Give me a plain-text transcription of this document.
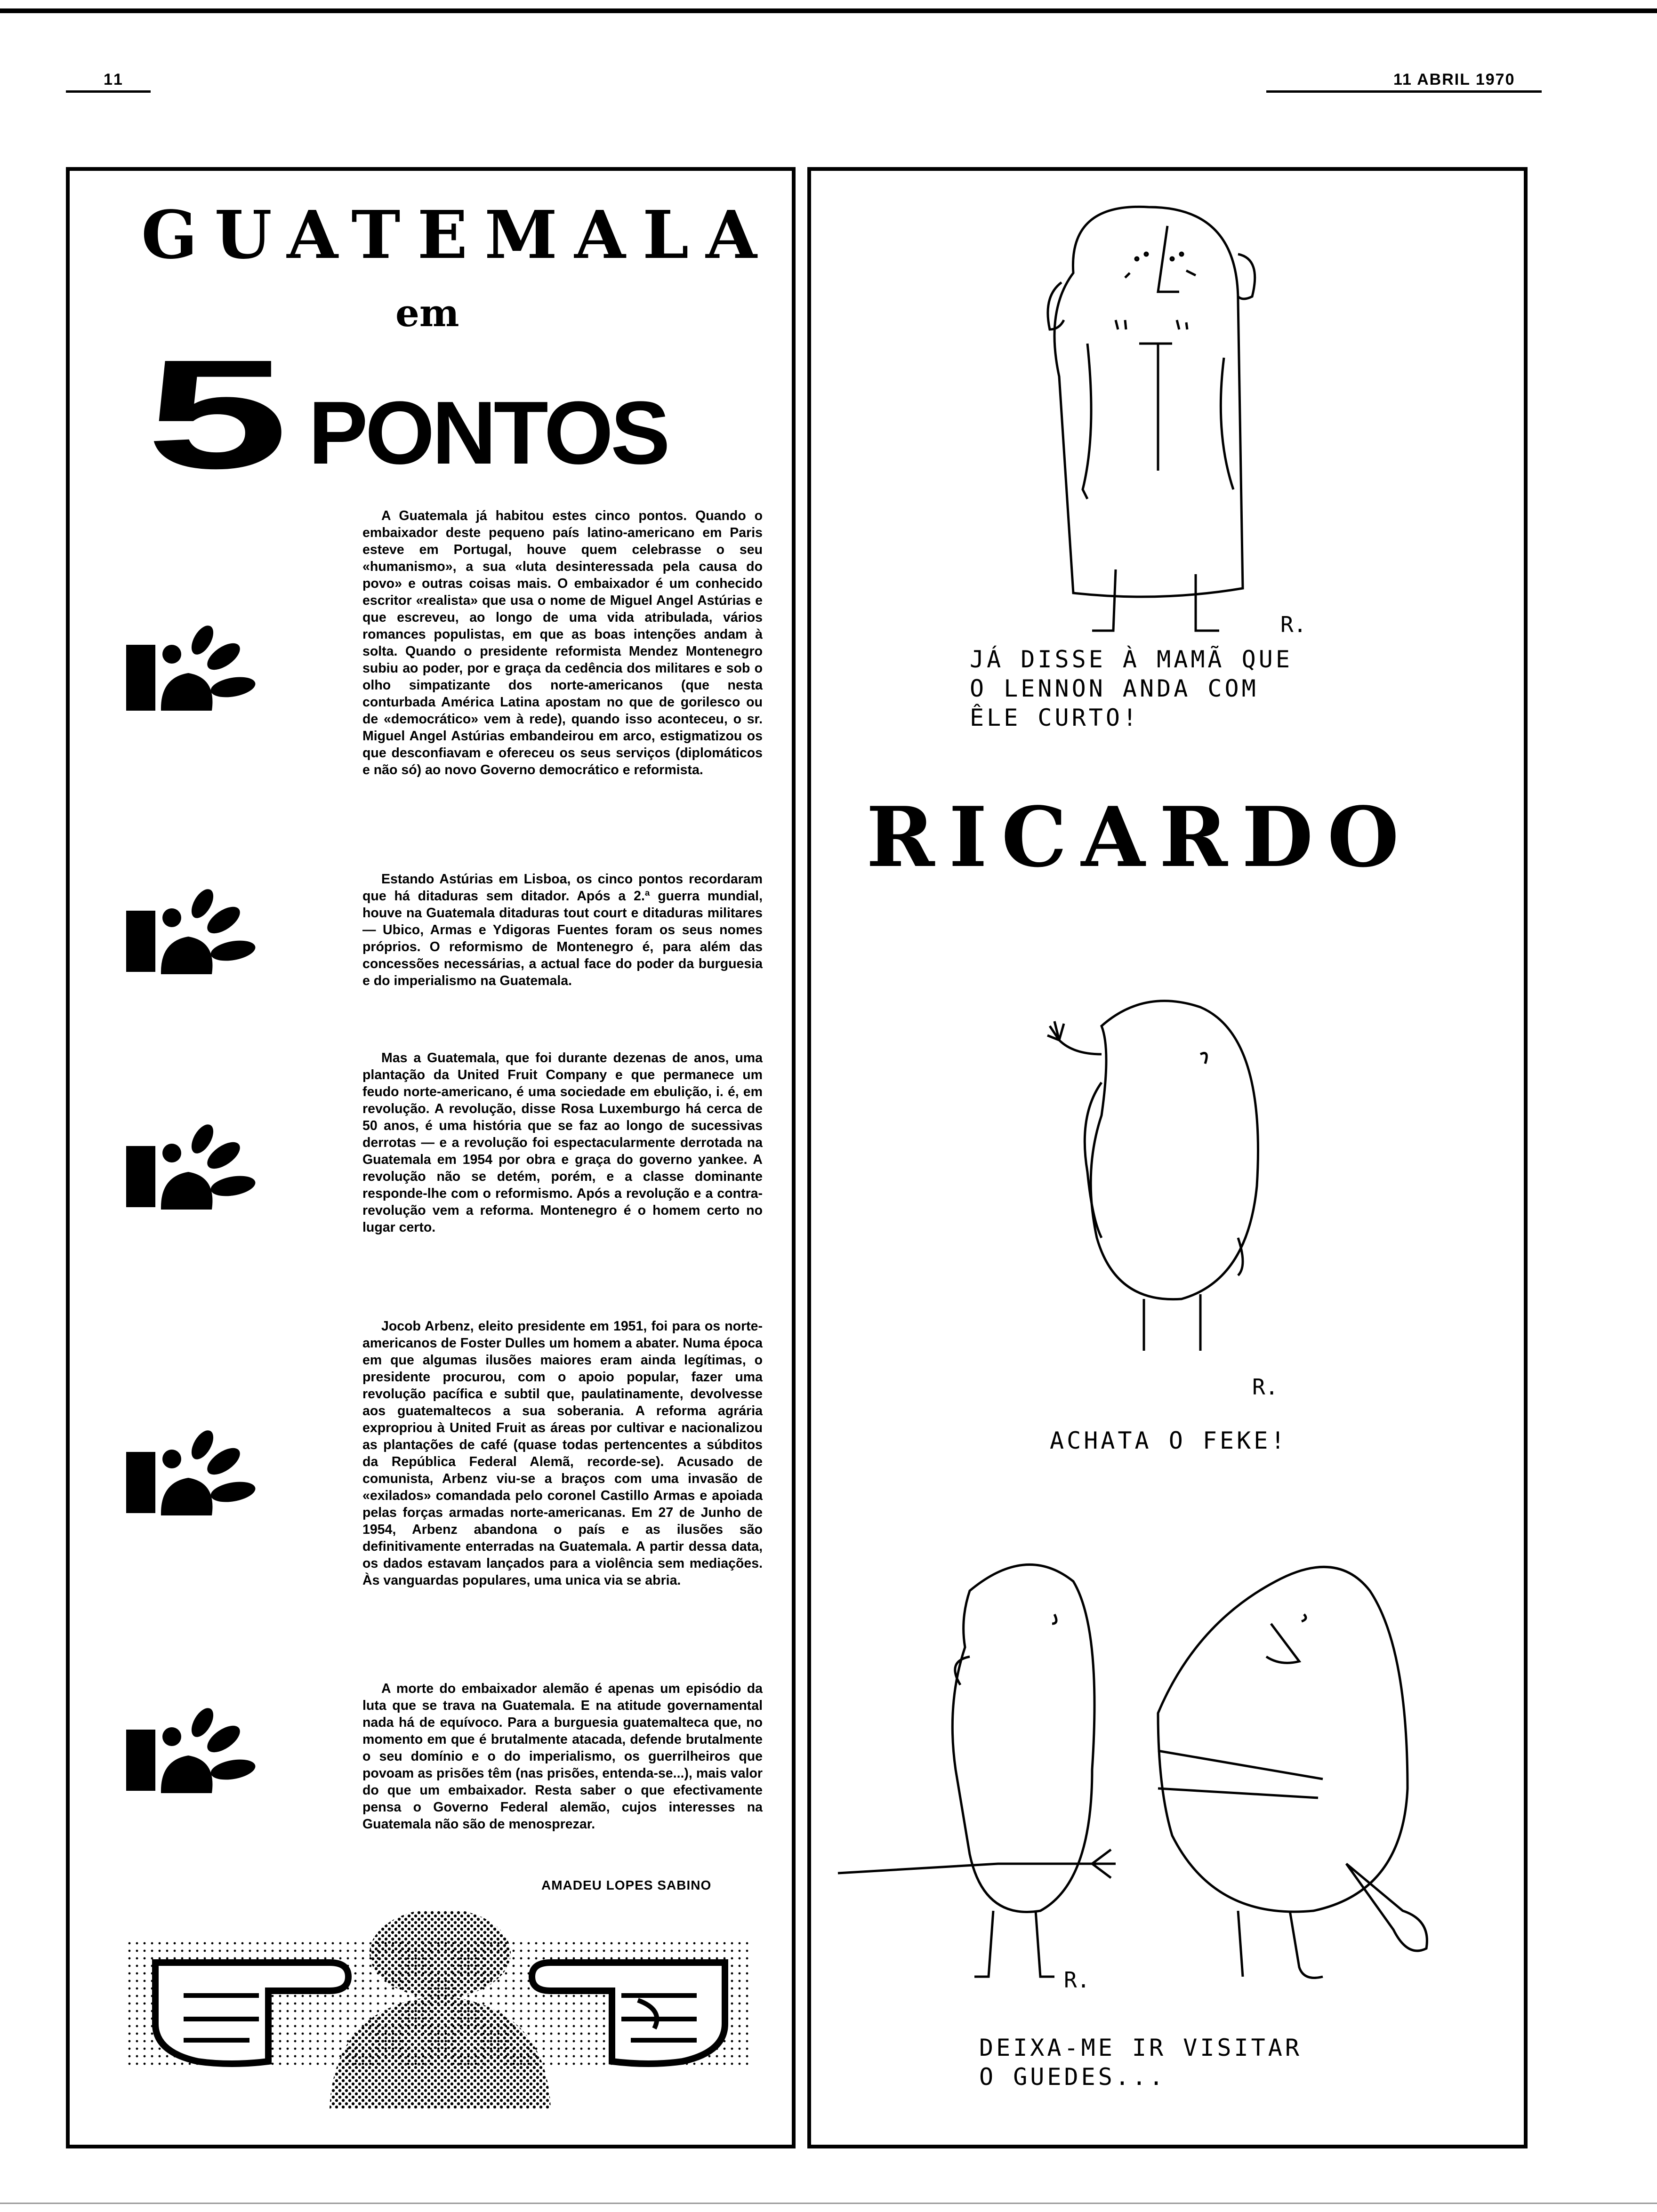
11	11 ABRIL 1970
GUATEMALA
em
5 PONTOS

A Guatemala já habitou estes cinco pontos. Quando o embaixador deste pequeno país latino-americano em Paris esteve em Portugal, houve quem celebrasse o seu «humanismo», a sua «luta desinteressada pela causa do povo» e outras coisas mais. O embaixador é um conhecido escritor «realista» que usa o nome de Miguel Angel Astúrias e que escreveu, ao longo de uma vida atribulada, vários romances populistas, em que as boas intenções andam à solta. Quando o presidente reformista Mendez Montenegro subiu ao poder, por e graça da cedência dos militares e sob o olho simpatizante dos norte-americanos (que nesta conturbada América Latina apostam no que de gorilesco ou de «democrático» vem à rede), quando isso aconteceu, o sr. Miguel Angel Astúrias embandeirou em arco, estigmatizou os que desconfiavam e ofereceu os seus serviços (diplomáticos e não só) ao novo Governo democrático e reformista.

Estando Astúrias em Lisboa, os cinco pontos recordaram que há ditaduras sem ditador. Após a 2.ª guerra mundial, houve na Guatemala ditaduras tout court e ditaduras militares — Ubico, Armas e Ydigoras Fuentes foram os seus nomes próprios. O reformismo de Montenegro é, para além das concessões necessárias, a actual face do poder da burguesia e do imperialismo na Guatemala.

Mas a Guatemala, que foi durante dezenas de anos, uma plantação da United Fruit Company e que permanece um feudo norte-americano, é uma sociedade em ebulição, i. é, em revolução. A revolução, disse Rosa Luxemburgo há cerca de 50 anos, é uma história que se faz ao longo de sucessivas derrotas — e a revolução foi espectacularmente derrotada na Guatemala em 1954 por obra e graça do governo yankee. A revolução não se detém, porém, e a classe dominante responde-lhe com o reformismo. Após a revolução e a contra-revolução vem a reforma. Montenegro é o homem certo no lugar certo.

Jocob Arbenz, eleito presidente em 1951, foi para os norte-americanos de Foster Dulles um homem a abater. Numa época em que algumas ilusões maiores eram ainda legítimas, o presidente procurou, com o apoio popular, fazer uma revolução pacífica e subtil que, paulatinamente, devolvesse aos guatemaltecos a sua soberania. A reforma agrária expropriou à United Fruit as áreas por cultivar e nacionalizou as plantações de café (quase todas pertencentes a súbditos da República Federal Alemã, recorde-se). Acusado de comunista, Arbenz viu-se a braços com uma invasão de «exilados» comandada pelo coronel Castillo Armas e apoiada pelas forças armadas norte-americanas. Em 27 de Junho de 1954, Arbenz abandona o país e as ilusões são definitivamente enterradas na Guatemala. A partir dessa data, os dados estavam lançados para a violência sem mediações. Às vanguardas populares, uma unica via se abria.

A morte do embaixador alemão é apenas um episódio da luta que se trava na Guatemala. E na atitude governamental nada há de equívoco. Para a burguesia guatemalteca que, no momento em que é brutalmente atacada, defende brutalmente o seu domínio e o do imperialismo, os guerrilheiros que povoam as prisões têm (nas prisões, entenda-se...), mais valor do que um embaixador. Resta saber o que efectivamente pensa o Governo Federal alemão, cujos interesses na Guatemala não são de menosprezar.

AMADEU LOPES SABINO
R.
JÁ DISSE À MAMÃ QUE
O LENNON ANDA COM
ÊLE CURTO!
RICARDO
R.
ACHATA O FEKE!
R.
DEIXA-ME IR VISITAR
O GUEDES...
